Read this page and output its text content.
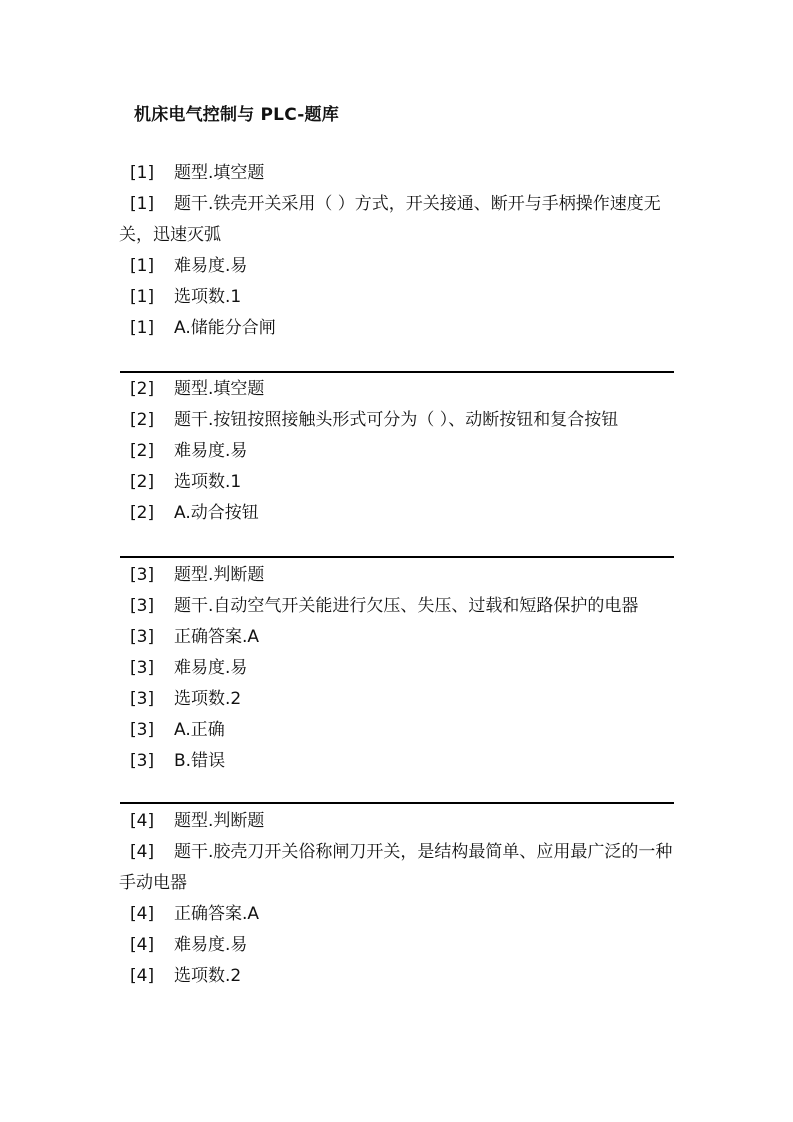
机床电气控制与 PLC-题库
[1] 题型.填空题
[1] 题干.铁壳开关采用（ ）方式，开关接通、断开与手柄操作速度无关，迅速灭弧
[1] 难易度.易
[1] 选项数.1
[1] A.储能分合闸
[2] 题型.填空题
[2] 题干.按钮按照接触头形式可分为（ ）、动断按钮和复合按钮
[2] 难易度.易
[2] 选项数.1
[2] A.动合按钮
[3] 题型.判断题
[3] 题干.自动空气开关能进行欠压、失压、过载和短路保护的电器
[3] 正确答案.A
[3] 难易度.易
[3] 选项数.2
[3] A.正确
[3] B.错误
[4] 题型.判断题
[4] 题干.胶壳刀开关俗称闸刀开关，是结构最简单、应用最广泛的一种手动电器
[4] 正确答案.A
[4] 难易度.易
[4] 选项数.2
